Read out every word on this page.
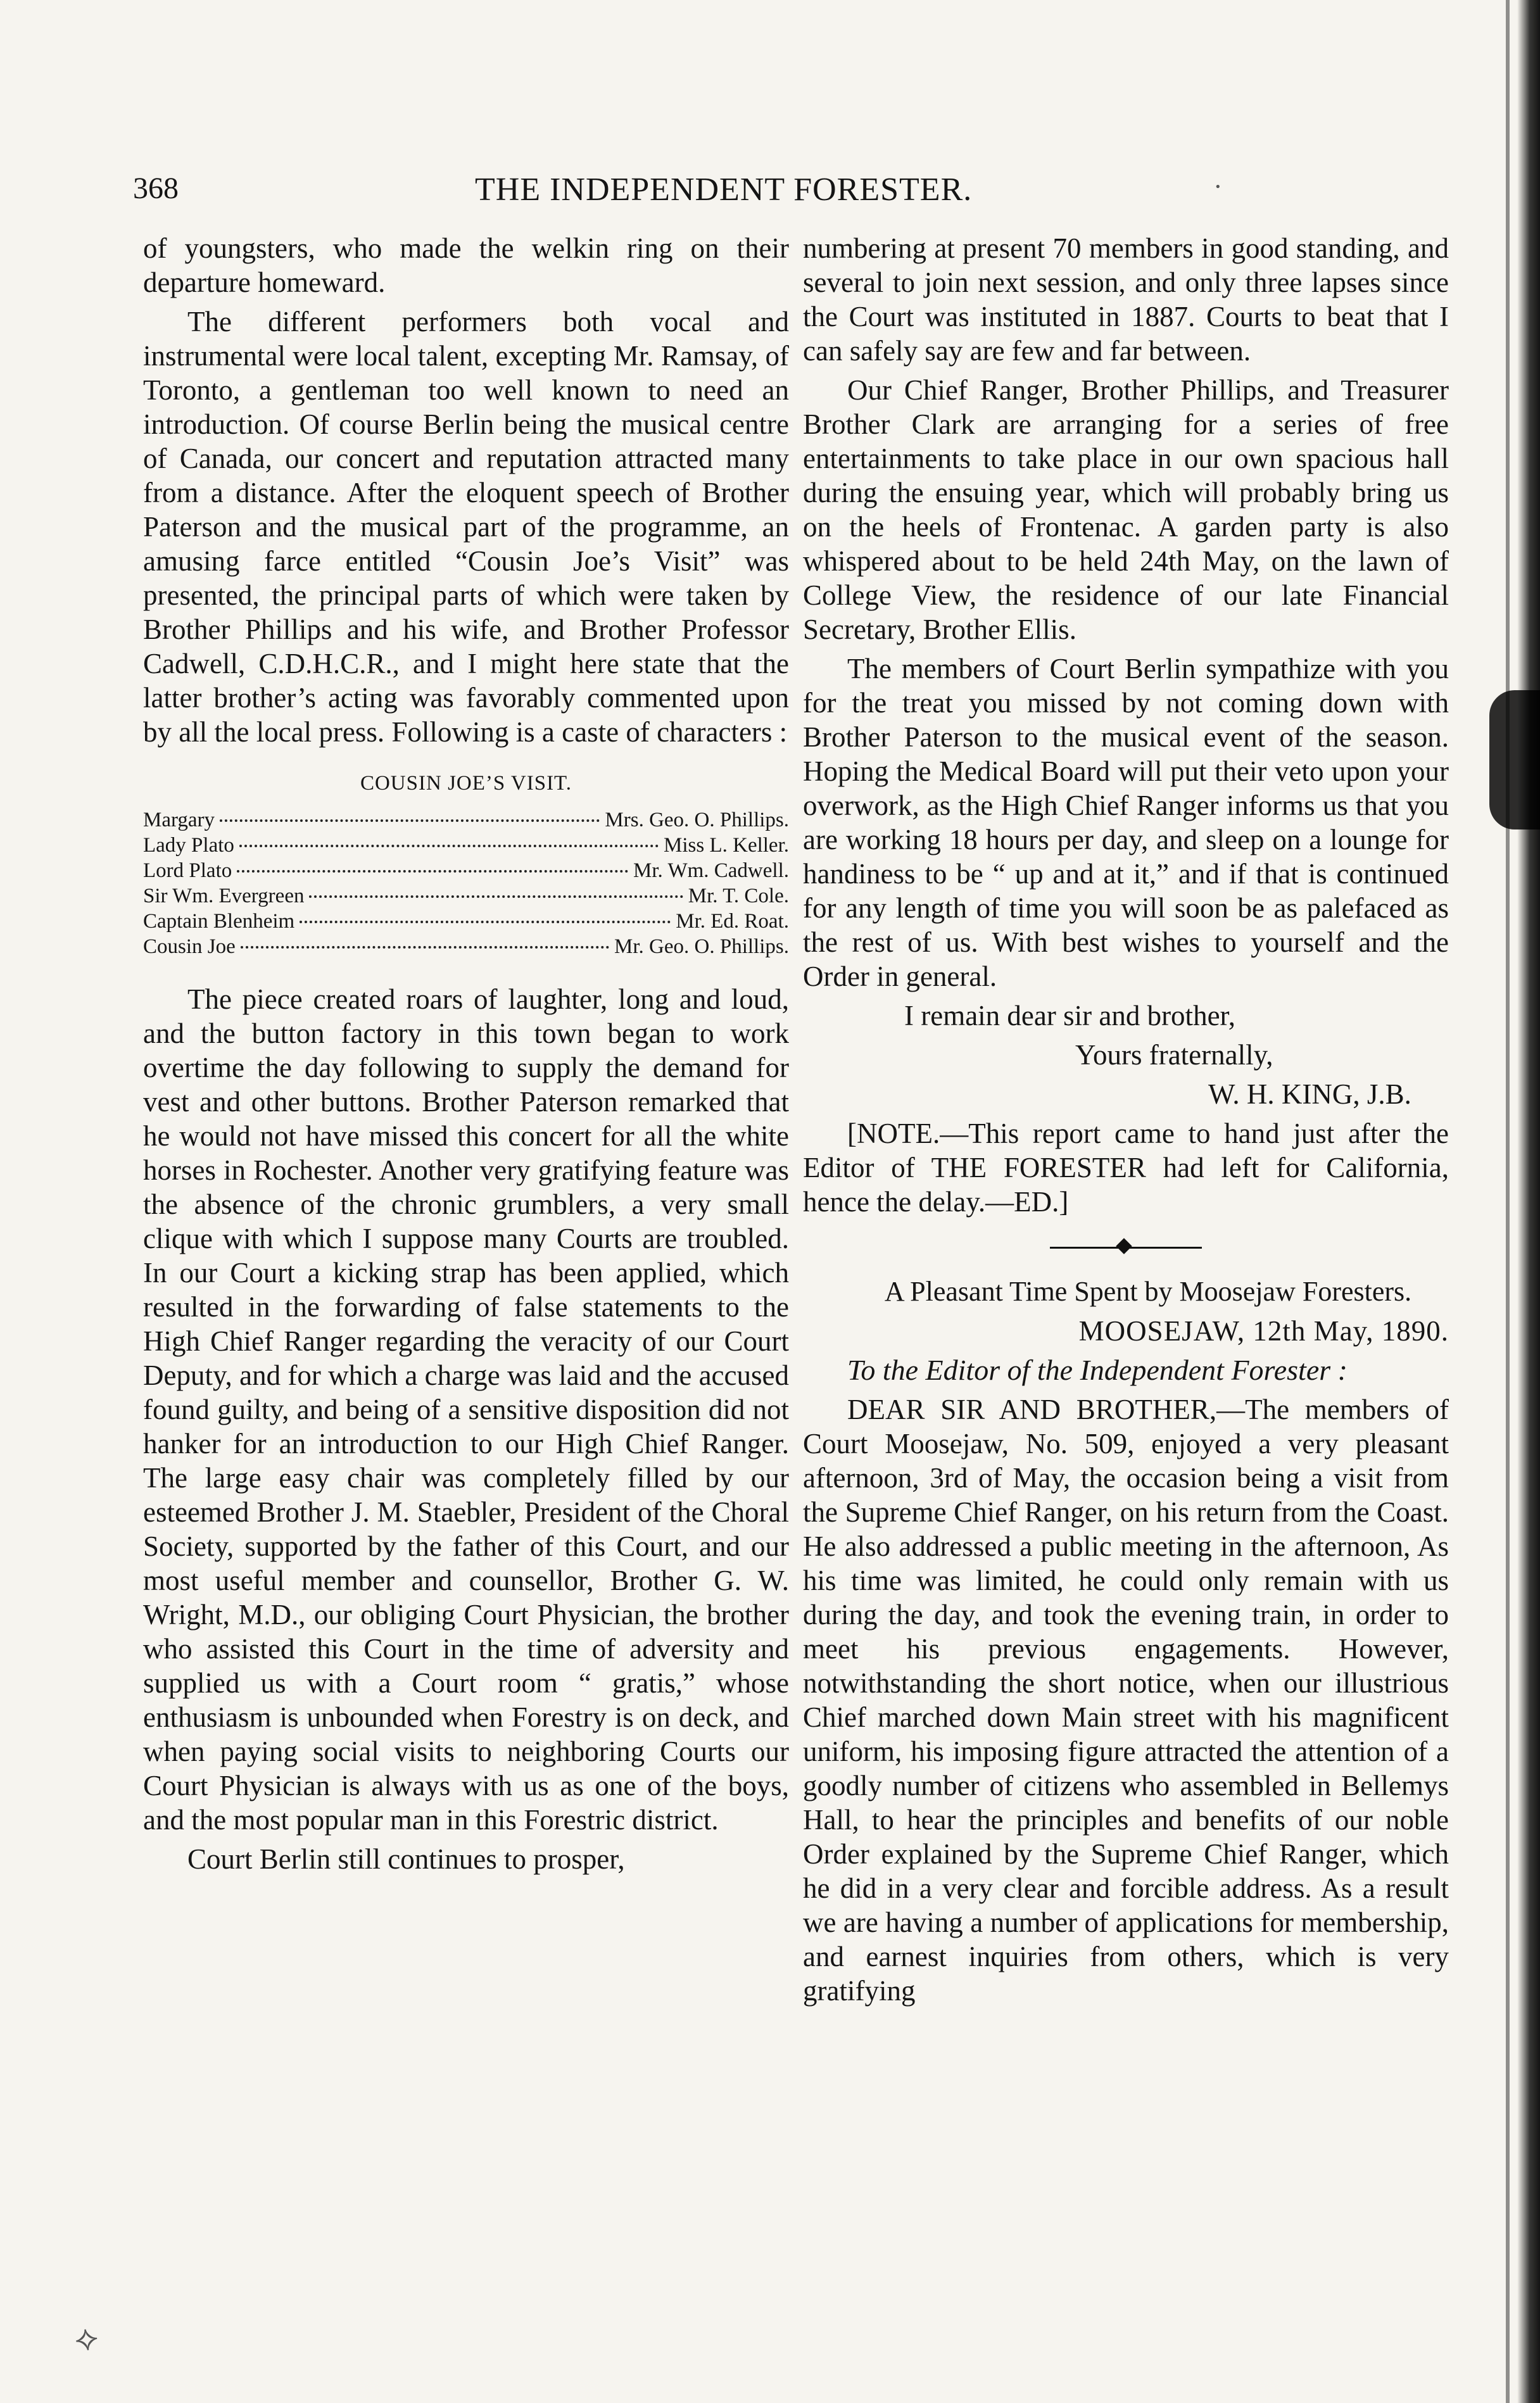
•
⟡
368	THE INDEPENDENT FORESTER.

of youngsters, who made the welkin ring on their departure homeward.

The different performers both vocal and instrumental were local talent, excepting Mr. Ramsay, of Toronto, a gentleman too well known to need an introduction. Of course Berlin being the musical centre of Canada, our concert and reputation attracted many from a distance. After the eloquent speech of Brother Paterson and the musical part of the programme, an amusing farce entitled “Cousin Joe’s Visit” was presented, the principal parts of which were taken by Brother Phillips and his wife, and Brother Professor Cadwell, C.D.H.C.R., and I might here state that the latter brother’s acting was favorably commented upon by all the local press. Following is a caste of characters :

COUSIN JOE’S VISIT.
Margary	Mrs. Geo. O. Phillips.
Lady Plato	Miss L. Keller.
Lord Plato	Mr. Wm. Cadwell.
Sir Wm. Evergreen	Mr. T. Cole.
Captain Blenheim	Mr. Ed. Roat.
Cousin Joe	Mr. Geo. O. Phillips.

The piece created roars of laughter, long and loud, and the button factory in this town began to work overtime the day following to supply the demand for vest and other buttons. Brother Paterson remarked that he would not have missed this concert for all the white horses in Rochester. Another very gratifying feature was the absence of the chronic grumblers, a very small clique with which I suppose many Courts are troubled. In our Court a kicking strap has been applied, which resulted in the forwarding of false statements to the High Chief Ranger regarding the veracity of our Court Deputy, and for which a charge was laid and the accused found guilty, and being of a sensitive disposition did not hanker for an introduction to our High Chief Ranger. The large easy chair was completely filled by our esteemed Brother J. M. Staebler, President of the Choral Society, supported by the father of this Court, and our most useful member and counsellor, Brother G. W. Wright, M.D., our obliging Court Physician, the brother who assisted this Court in the time of adversity and supplied us with a Court room “ gratis,” whose enthusiasm is unbounded when Forestry is on deck, and when paying social visits to neighboring Courts our Court Physician is always with us as one of the boys, and the most popular man in this Forestric district.

Court Berlin still continues to prosper,

numbering at present 70 members in good standing, and several to join next session, and only three lapses since the Court was instituted in 1887. Courts to beat that I can safely say are few and far between.

Our Chief Ranger, Brother Phillips, and Treasurer Brother Clark are arranging for a series of free entertainments to take place in our own spacious hall during the ensuing year, which will probably bring us on the heels of Frontenac. A garden party is also whispered about to be held 24th May, on the lawn of College View, the residence of our late Financial Secretary, Brother Ellis.

The members of Court Berlin sympathize with you for the treat you missed by not coming down with Brother Paterson to the musical event of the season. Hoping the Medical Board will put their veto upon your overwork, as the High Chief Ranger informs us that you are working 18 hours per day, and sleep on a lounge for handiness to be “ up and at it,” and if that is continued for any length of time you will soon be as palefaced as the rest of us. With best wishes to yourself and the Order in general.

I remain dear sir and brother,

Yours fraternally,

W. H. KING, J.B.

[NOTE.—This report came to hand just after the Editor of THE FORESTER had left for California, hence the delay.—ED.]

A Pleasant Time Spent by Moosejaw Foresters.

MOOSEJAW, 12th May, 1890.

To the Editor of the Independent Forester :

DEAR SIR AND BROTHER,—The members of Court Moosejaw, No. 509, enjoyed a very pleasant afternoon, 3rd of May, the occasion being a visit from the Supreme Chief Ranger, on his return from the Coast. He also addressed a public meeting in the afternoon, As his time was limited, he could only remain with us during the day, and took the evening train, in order to meet his previous engagements. However, notwithstanding the short notice, when our illustrious Chief marched down Main street with his magnificent uniform, his imposing figure attracted the attention of a goodly number of citizens who assembled in Bellemys Hall, to hear the principles and benefits of our noble Order explained by the Supreme Chief Ranger, which he did in a very clear and forcible address. As a result we are having a number of applications for membership, and earnest inquiries from others, which is very gratifying
